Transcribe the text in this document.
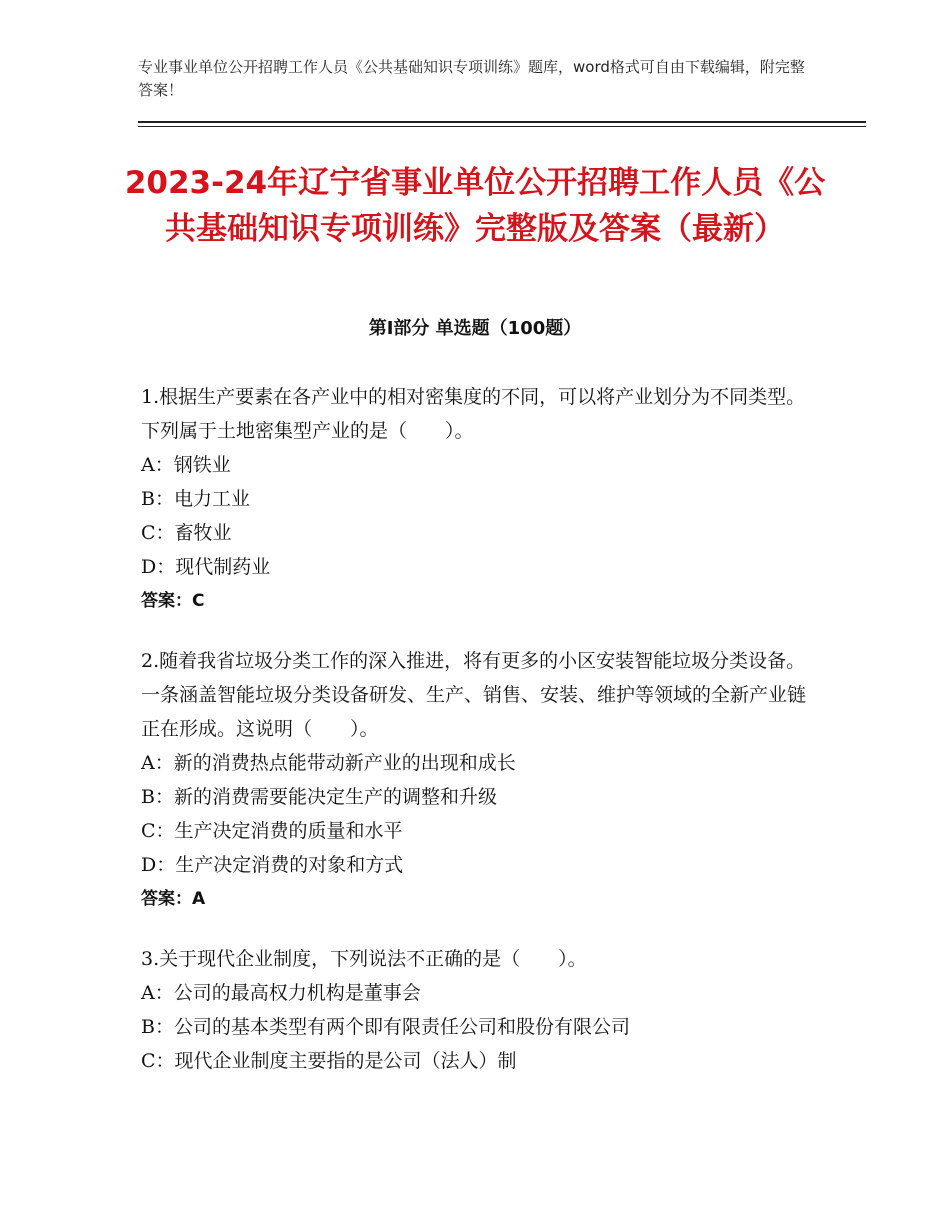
专业事业单位公开招聘工作人员《公共基础知识专项训练》题库，word格式可自由下载编辑，附完整答案！
2023-24年辽宁省事业单位公开招聘工作人员《公共基础知识专项训练》完整版及答案（最新）
第Ⅰ部分 单选题（100题）

1.根据生产要素在各产业中的相对密集度的不同，可以将产业划分为不同类型。下列属于土地密集型产业的是（　　）。

A：钢铁业

B：电力工业

C：畜牧业

D：现代制药业

答案：C

2.随着我省垃圾分类工作的深入推进，将有更多的小区安装智能垃圾分类设备。一条涵盖智能垃圾分类设备研发、生产、销售、安装、维护等领域的全新产业链正在形成。这说明（　　）。

A：新的消费热点能带动新产业的出现和成长

B：新的消费需要能决定生产的调整和升级

C：生产决定消费的质量和水平

D：生产决定消费的对象和方式

答案：A

3.关于现代企业制度，下列说法不正确的是（　　）。

A：公司的最高权力机构是董事会

B：公司的基本类型有两个即有限责任公司和股份有限公司

C：现代企业制度主要指的是公司（法人）制
